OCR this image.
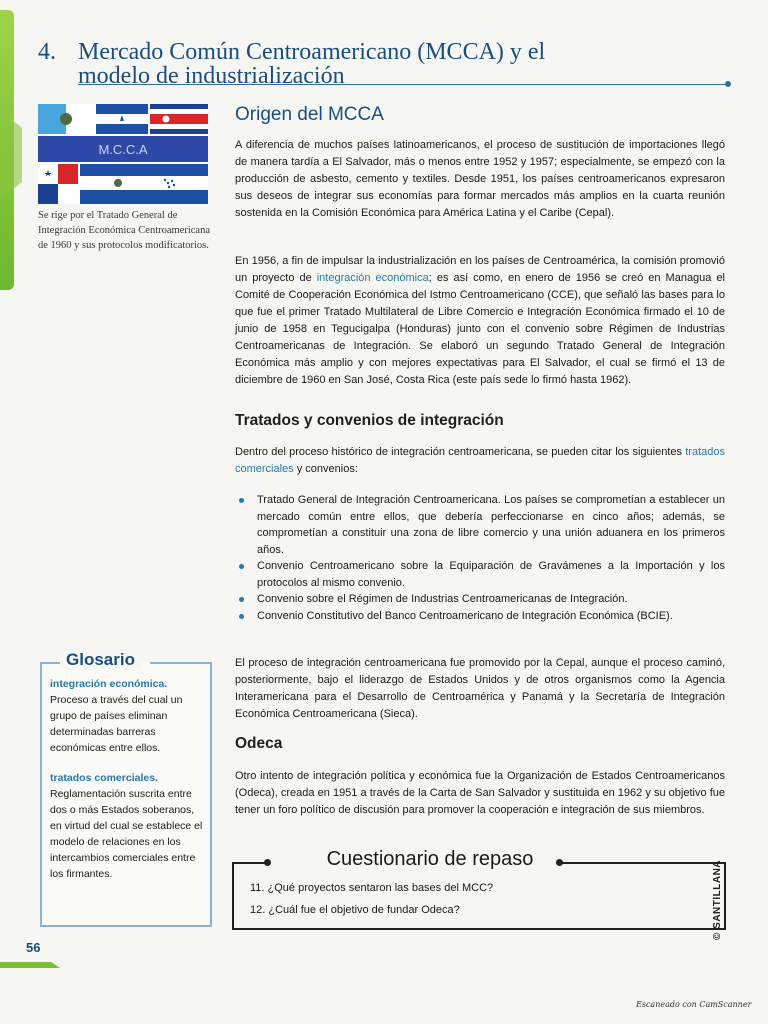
4. Mercado Común Centroamericano (MCCA) y el
modelo de industrialización
M.C.C.A
Se rige por el Tratado General de Integración Económica Centroamericana de 1960 y sus protocolos modificatorios.
Origen del MCCA

A diferencia de muchos países latinoamericanos, el proceso de sustitución de importaciones llegó de manera tardía a El Salvador, más o menos entre 1952 y 1957; especialmente, se empezó con la producción de asbesto, cemento y textiles. Desde 1951, los países centroamericanos expresaron sus deseos de integrar sus economías para formar mercados más amplios en la cuarta reunión sostenida en la Comisión Económica para América Latina y el Caribe (Cepal).

En 1956, a fin de impulsar la industrialización en los países de Centroamérica, la comisión promovió un proyecto de integración económica; es así como, en enero de 1956 se creó en Managua el Comité de Cooperación Económica del Istmo Centroamericano (CCE), que señaló las bases para lo que fue el primer Tratado Multilateral de Libre Comercio e Integración Económica firmado el 10 de junio de 1958 en Tegucigalpa (Honduras) junto con el convenio sobre Régimen de Industrias Centroamericanas de Integración. Se elaboró un segundo Tratado General de Integración Económica más amplio y con mejores expectativas para El Salvador, el cual se firmó el 13 de diciembre de 1960 en San José, Costa Rica (este país sede lo firmó hasta 1962).

Tratados y convenios de integración

Dentro del proceso histórico de integración centroamericana, se pueden citar los siguientes tratados comerciales y convenios:

Tratado General de Integración Centroamericana. Los países se comprometían a establecer un mercado común entre ellos, que debería perfeccionarse en cinco años; además, se comprometían a constituir una zona de libre comercio y una unión aduanera en los primeros años.
Convenio Centroamericano sobre la Equiparación de Gravámenes a la Importación y los protocolos al mismo convenio.
Convenio sobre el Régimen de Industrias Centroamericanas de Integración.
Convenio Constitutivo del Banco Centroamericano de Integración Económica (BCIE).

El proceso de integración centroamericana fue promovido por la Cepal, aunque el proceso caminó, posteriormente, bajo el liderazgo de Estados Unidos y de otros organismos como la Agencia Interamericana para el Desarrollo de Centroamérica y Panamá y la Secretaría de Integración Económica Centroamericana (Sieca).

Odeca

Otro intento de integración política y económica fue la Organización de Estados Centroamericanos (Odeca), creada en 1951 a través de la Carta de San Salvador y sustituida en 1962 y su objetivo fue tener un foro político de discusión para promover la cooperación e integración de sus miembros.

Glosario
integración económica. Proceso a través del cual un grupo de países eliminan determinadas barreras económicas entre ellos.
tratados comerciales.
Reglamentación suscrita entre dos o más Estados soberanos, en virtud del cual se establece el modelo de relaciones en los intercambios comerciales entre los firmantes.
Cuestionario de repaso
11. ¿Qué proyectos sentaron las bases del MCC?
12. ¿Cuál fue el objetivo de fundar Odeca?	© SANTILLANA
56
Escaneado con CamScanner
